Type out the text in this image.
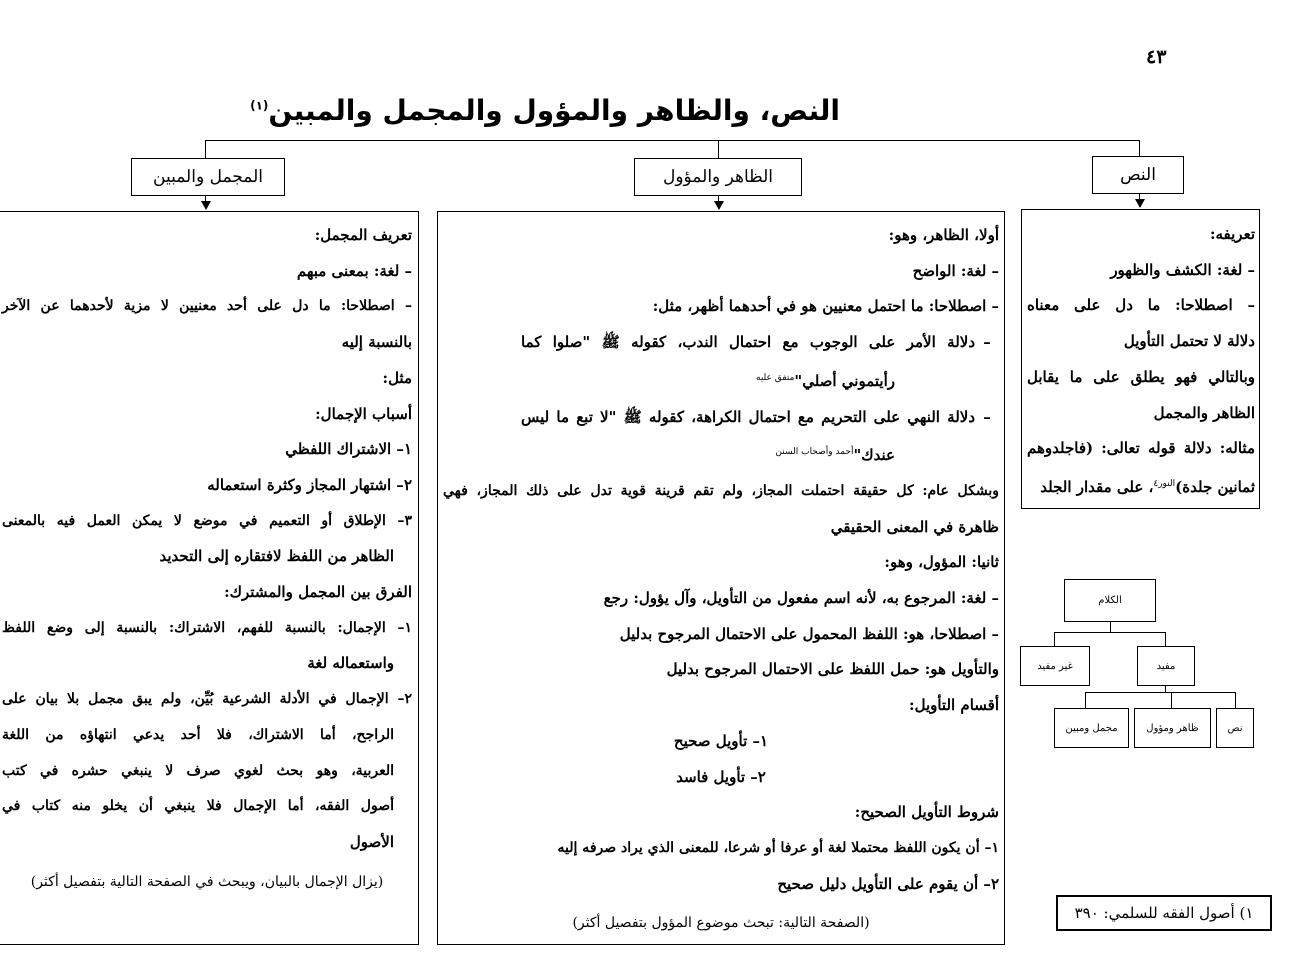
٤٣
النص، والظاهر والمؤول والمجمل والمبين$^{(١)}$
المجمل والمبين	الظاهر والمؤول	النص

تعريفه:

– لغة: الكشف والظهور

– اصطلاحا: ما دل على معناه

دلالة لا تحتمل التأويل

وبالتالي فهو يطلق على ما يقابل

الظاهر والمجمل

مثاله: دلالة قوله تعالى: (فاجلدوهم

ثمانين جلدة)$^{النور٤}$، على مقدار الجلد

أولا، الظاهر، وهو:

– لغة: الواضح

– اصطلاحا: ما احتمل معنيين هو في أحدهما أظهر، مثل:

–
دلالة الأمر على الوجوب مع احتمال الندب، كقوله ﷺ "صلوا كما

رأيتموني أصلي"$^{متفق عليه}$

–
دلالة النهي على التحريم مع احتمال الكراهة، كقوله ﷺ "لا تبع ما ليس

عندك"$^{أحمد وأصحاب السنن}$

وبشكل عام: كل حقيقة احتملت المجاز، ولم تقم قرينة قوية تدل على ذلك المجاز، فهي

ظاهرة في المعنى الحقيقي

ثانيا: المؤول، وهو:

– لغة: المرجوع به، لأنه اسم مفعول من التأويل، وآل يؤول: رجع

– اصطلاحا، هو: اللفظ المحمول على الاحتمال المرجوح بدليل

والتأويل هو: حمل اللفظ على الاحتمال المرجوح بدليل

أقسام التأويل:

١– تأويل صحيح

٢– تأويل فاسد

شروط التأويل الصحيح:

١– أن يكون اللفظ محتملا لغة أو عرفا أو شرعا، للمعنى الذي يراد صرفه إليه

٢– أن يقوم على التأويل دليل صحيح

(الصفحة التالية: تبحث موضوع المؤول بتفصيل أكثر)

تعريف المجمل:

– لغة: بمعنى مبهم

– اصطلاحا: ما دل على أحد معنيين لا مزية لأحدهما عن الآخر

بالنسبة إليه

مثل:

أسباب الإجمال:

١– الاشتراك اللفظي

٢– اشتهار المجاز وكثرة استعماله

٣– الإطلاق أو التعميم في موضع لا يمكن العمل فيه بالمعنى

الظاهر من اللفظ لافتقاره إلى التحديد

الفرق بين المجمل والمشترك:

١– الإجمال: بالنسبة للفهم، الاشتراك: بالنسبة إلى وضع اللفظ

واستعماله لغة

٢– الإجمال في الأدلة الشرعية بُيِّن، ولم يبق مجمل بلا بيان على

الراجح، أما الاشتراك، فلا أحد يدعي انتهاؤه من اللغة

العربية، وهو بحث لغوي صرف لا ينبغي حشره في كتب

أصول الفقه، أما الإجمال فلا ينبغي أن يخلو منه كتاب في

الأصول

(يزال الإجمال بالبيان، ويبحث في الصفحة التالية بتفصيل أكثر)

الكلام
غير مفيد	مفيد
مجمل ومبين	ظاهر ومؤول	نص
١) أصول الفقه للسلمي: ٣٩٠
